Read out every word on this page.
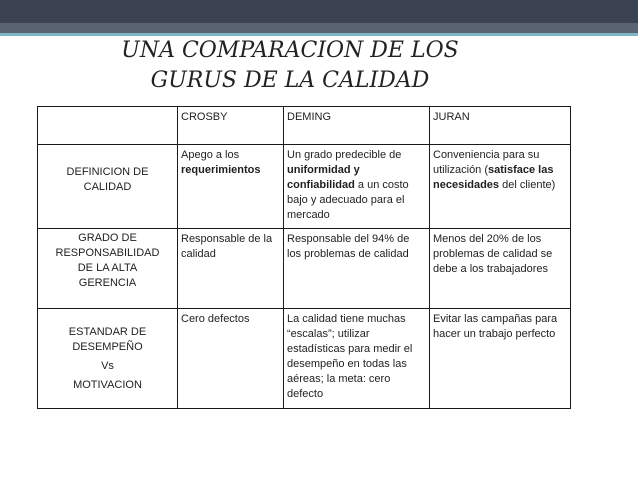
UNA COMPARACION DE LOS
GURUS DE LA CALIDAD
	CROSBY	DEMING	JURAN

DEFINICION DE
CALIDAD	Apego a los requerimientos	Un grado predecible de uniformidad y confiabilidad a un costo bajo y adecuado para el mercado	Conveniencia para su utilización (satisface las necesidades del cliente)

GRADO DE
RESPONSABILIDAD
DE LA ALTA
GERENCIA	Responsable de la calidad	Responsable del 94% de los problemas de calidad	Menos del 20% de los problemas de calidad se debe a los trabajadores

ESTANDAR DE DESEMPEÑO
Vs
MOTIVACION	Cero defectos	La calidad tiene muchas “escalas”; utilizar estadísticas para medir el desempeño en todas las aéreas; la meta: cero defecto	Evitar las campañas para hacer un trabajo perfecto
